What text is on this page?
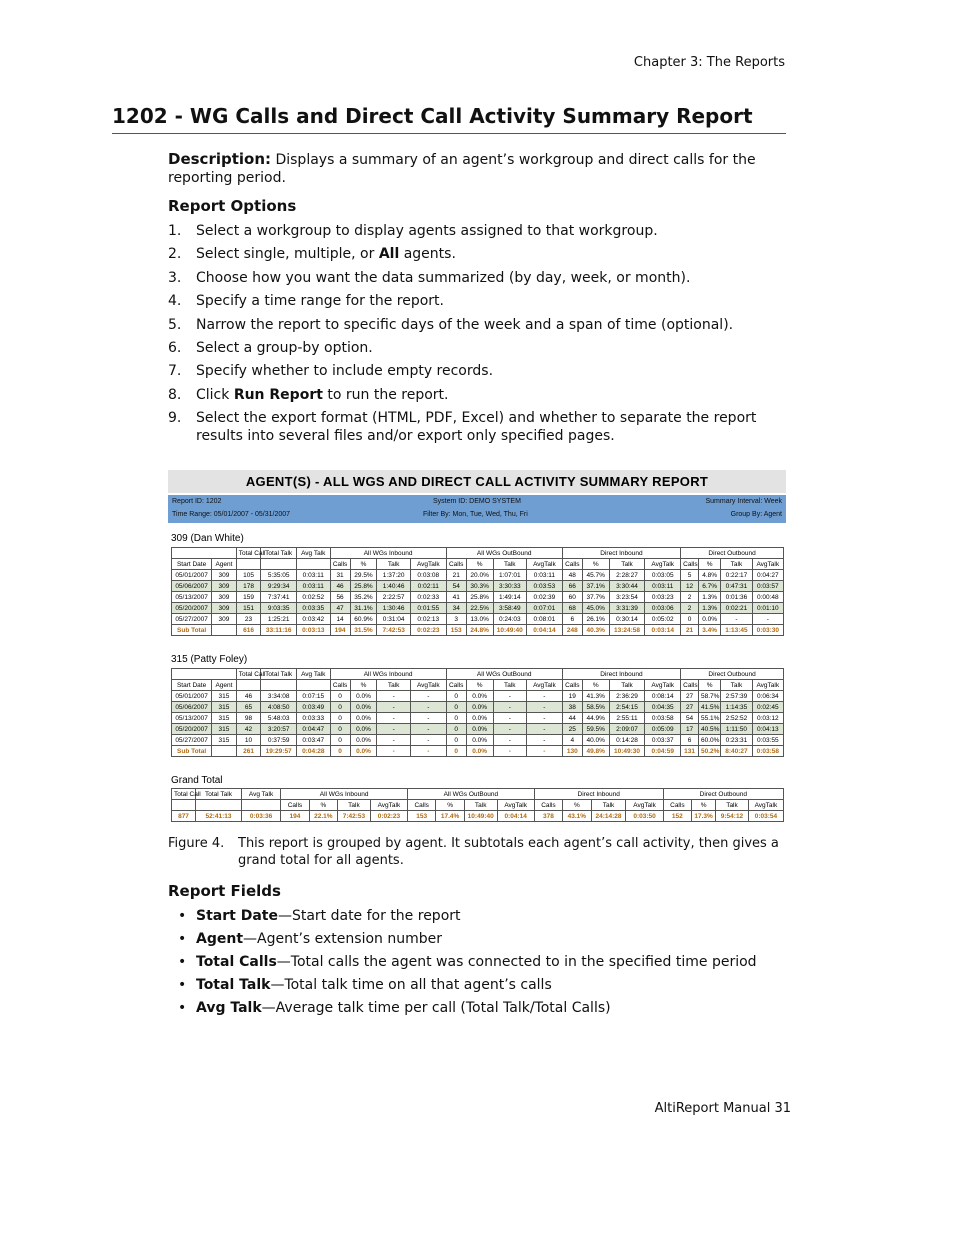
Chapter 3: The Reports
1202 - WG Calls and Direct Call Activity Summary Report
Description: Displays a summary of an agent’s workgroup and direct calls for the reporting period.
Report Options
1.	Select a workgroup to display agents assigned to that workgroup.
2.	Select single, multiple, or All agents.
3.	Choose how you want the data summarized (by day, week, or month).
4.	Specify a time range for the report.
5.	Narrow the report to specific days of the week and a span of time (optional).
6.	Select a group-by option.
7.	Specify whether to include empty records.
8.	Click Run Report to run the report.
9.	Select the export format (HTML, PDF, Excel) and whether to separate the report results into several files and/or export only specified pages.
AGENT(S) - ALL WGS AND DIRECT CALL ACTIVITY SUMMARY REPORT
Report ID: 1202	System ID: DEMO SYSTEM	Summary Interval: Week
Time Range: 05/01/2007 - 05/31/2007	Filter By: Mon, Tue, Wed, Thu, Fri	Group By: Agent
309 (Dan White)
		Total Call	Total Talk	Avg Talk	All WGs Inbound				All WGs OutBound				Direct Inbound				Direct Outbound			
Start Date	Agent				Calls	%	Talk	AvgTalk	Calls	%	Talk	AvgTalk	Calls	%	Talk	AvgTalk	Calls	%	Talk	AvgTalk
05/01/2007	309	105	5:35:05	0:03:11	31	29.5%	1:37:20	0:03:08	21	20.0%	1:07:01	0:03:11	48	45.7%	2:28:27	0:03:05	5	4.8%	0:22:17	0:04:27
05/06/2007	309	178	9:29:34	0:03:11	46	25.8%	1:40:46	0:02:11	54	30.3%	3:30:33	0:03:53	66	37.1%	3:30:44	0:03:11	12	6.7%	0:47:31	0:03:57
05/13/2007	309	159	7:37:41	0:02:52	56	35.2%	2:22:57	0:02:33	41	25.8%	1:49:14	0:02:39	60	37.7%	3:23:54	0:03:23	2	1.3%	0:01:36	0:00:48
05/20/2007	309	151	9:03:35	0:03:35	47	31.1%	1:30:46	0:01:55	34	22.5%	3:58:49	0:07:01	68	45.0%	3:31:39	0:03:06	2	1.3%	0:02:21	0:01:10
05/27/2007	309	23	1:25:21	0:03:42	14	60.9%	0:31:04	0:02:13	3	13.0%	0:24:03	0:08:01	6	26.1%	0:30:14	0:05:02	0	0.0%	-	-
Sub Total		616	33:11:16	0:03:13	194	31.5%	7:42:53	0:02:23	153	24.8%	10:49:40	0:04:14	248	40.3%	13:24:58	0:03:14	21	3.4%	1:13:45	0:03:30
315 (Patty Foley)
		Total Call	Total Talk	Avg Talk	All WGs Inbound				All WGs OutBound				Direct Inbound				Direct Outbound			
Start Date	Agent				Calls	%	Talk	AvgTalk	Calls	%	Talk	AvgTalk	Calls	%	Talk	AvgTalk	Calls	%	Talk	AvgTalk
05/01/2007	315	46	3:34:08	0:07:15	0	0.0%	-	-	0	0.0%	-	-	19	41.3%	2:36:29	0:08:14	27	58.7%	2:57:39	0:06:34
05/06/2007	315	65	4:08:50	0:03:49	0	0.0%	-	-	0	0.0%	-	-	38	58.5%	2:54:15	0:04:35	27	41.5%	1:14:35	0:02:45
05/13/2007	315	98	5:48:03	0:03:33	0	0.0%	-	-	0	0.0%	-	-	44	44.9%	2:55:11	0:03:58	54	55.1%	2:52:52	0:03:12
05/20/2007	315	42	3:20:57	0:04:47	0	0.0%	-	-	0	0.0%	-	-	25	59.5%	2:09:07	0:05:09	17	40.5%	1:11:50	0:04:13
05/27/2007	315	10	0:37:59	0:03:47	0	0.0%	-	-	0	0.0%	-	-	4	40.0%	0:14:28	0:03:37	6	60.0%	0:23:31	0:03:55
Sub Total		261	19:29:57	0:04:28	0	0.0%	-	-	0	0.0%	-	-	130	49.8%	10:49:30	0:04:59	131	50.2%	8:40:27	0:03:58
Grand Total
Total Call	Total Talk	Avg Talk	All WGs Inbound				All WGs OutBound				Direct Inbound				Direct Outbound			
			Calls	%	Talk	AvgTalk	Calls	%	Talk	AvgTalk	Calls	%	Talk	AvgTalk	Calls	%	Talk	AvgTalk
877	52:41:13	0:03:36	194	22.1%	7:42:53	0:02:23	153	17.4%	10:49:40	0:04:14	378	43.1%	24:14:28	0:03:50	152	17.3%	9:54:12	0:03:54
Figure 4.	This report is grouped by agent. It subtotals each agent’s call activity, then gives a grand total for all agents.
Report Fields
• Start Date—Start date for the report
• Agent—Agent’s extension number
• Total Calls—Total calls the agent was connected to in the specified time period
• Total Talk—Total talk time on all that agent’s calls
• Avg Talk—Average talk time per call (Total Talk/Total Calls)
AltiReport Manual 31
